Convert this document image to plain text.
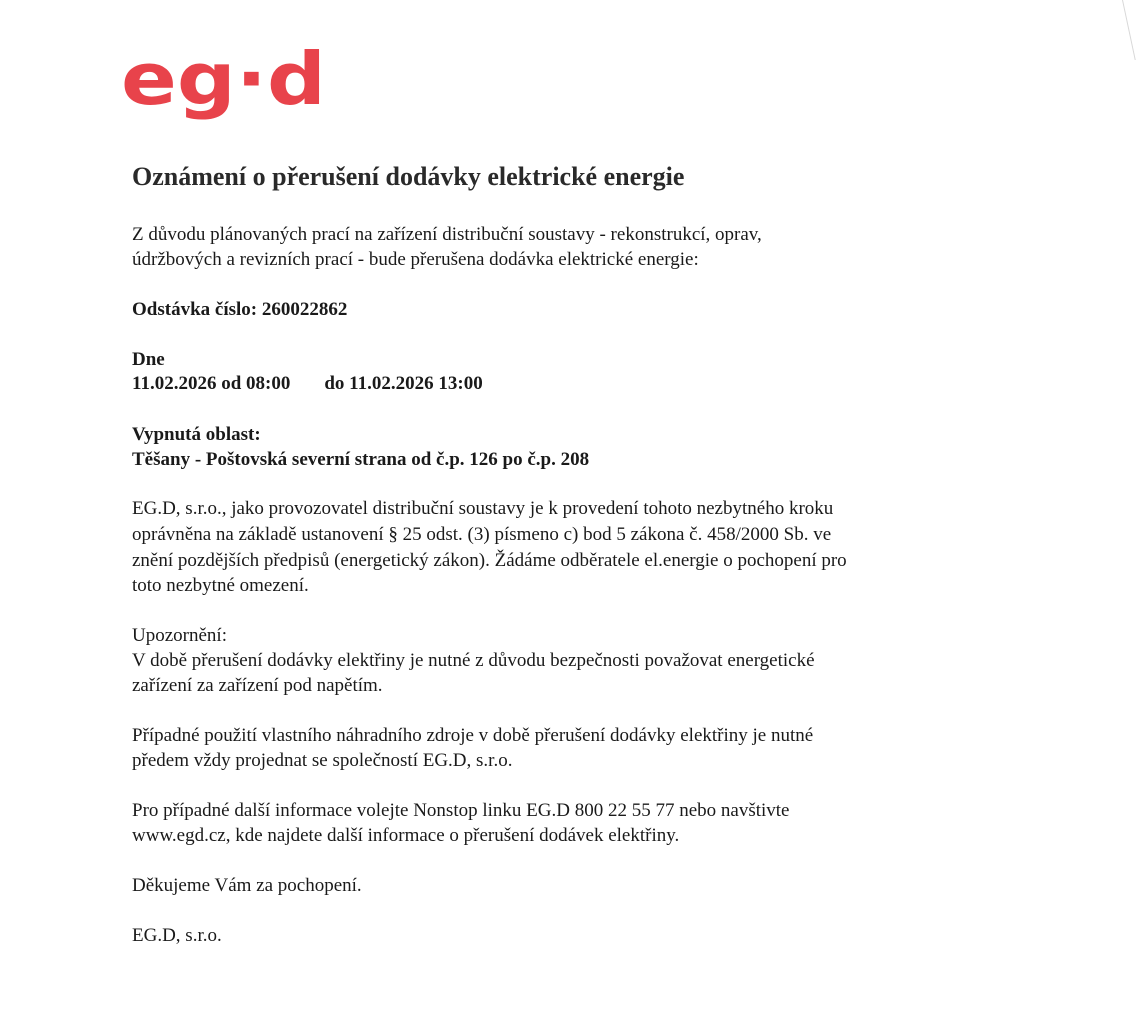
eg·d
Oznámení o přerušení dodávky elektrické energie

Z důvodu plánovaných prací na zařízení distribuční soustavy - rekonstrukcí, oprav,

údržbových a revizních prací - bude přerušena dodávka elektrické energie:

Odstávka číslo: 260022862

Dne

11.02.2026 od 08:00 do 11.02.2026 13:00

Vypnutá oblast:

Těšany - Poštovská severní strana od č.p. 126 po č.p. 208

EG.D, s.r.o., jako provozovatel distribuční soustavy je k provedení tohoto nezbytného kroku

oprávněna na základě ustanovení § 25 odst. (3) písmeno c) bod 5 zákona č. 458/2000 Sb. ve

znění pozdějších předpisů (energetický zákon). Žádáme odběratele el.energie o pochopení pro

toto nezbytné omezení.

Upozornění:

V době přerušení dodávky elektřiny je nutné z důvodu bezpečnosti považovat energetické

zařízení za zařízení pod napětím.

Případné použití vlastního náhradního zdroje v době přerušení dodávky elektřiny je nutné

předem vždy projednat se společností EG.D, s.r.o.

Pro případné další informace volejte Nonstop linku EG.D 800 22 55 77 nebo navštivte

www.egd.cz, kde najdete další informace o přerušení dodávek elektřiny.

Děkujeme Vám za pochopení.

EG.D, s.r.o.
